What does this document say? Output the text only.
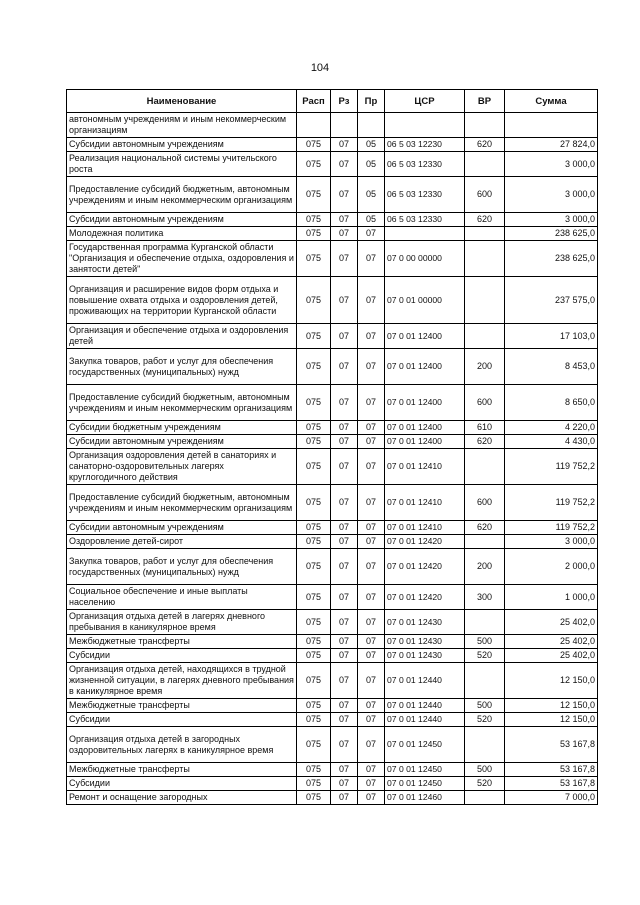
104
Наименование	Расп	Рз	Пр	ЦСР	ВР	Сумма
автономным учреждениям и иным некоммерческим организациям						
Субсидии автономным учреждениям	075	07	05	06 5 03 12230	620	27 824,0
Реализация национальной системы учительского роста	075	07	05	06 5 03 12330		3 000,0
Предоставление субсидий бюджетным, автономным учреждениям и иным некоммерческим организациям	075	07	05	06 5 03 12330	600	3 000,0
Субсидии автономным учреждениям	075	07	05	06 5 03 12330	620	3 000,0
Молодежная политика	075	07	07			238 625,0
Государственная программа Курганской области "Организация и обеспечение отдыха, оздоровления и занятости детей"	075	07	07	07 0 00 00000		238 625,0
Организация и расширение видов форм отдыха и повышение охвата отдыха и оздоровления детей, проживающих на территории Курганской области	075	07	07	07 0 01 00000		237 575,0
Организация и обеспечение отдыха и оздоровления детей	075	07	07	07 0 01 12400		17 103,0
Закупка товаров, работ и услуг для обеспечения государственных (муниципальных) нужд	075	07	07	07 0 01 12400	200	8 453,0
Предоставление субсидий бюджетным, автономным учреждениям и иным некоммерческим организациям	075	07	07	07 0 01 12400	600	8 650,0
Субсидии бюджетным учреждениям	075	07	07	07 0 01 12400	610	4 220,0
Субсидии автономным учреждениям	075	07	07	07 0 01 12400	620	4 430,0
Организация оздоровления детей в санаториях и санаторно-оздоровительных лагерях круглогодичного действия	075	07	07	07 0 01 12410		119 752,2
Предоставление субсидий бюджетным, автономным учреждениям и иным некоммерческим организациям	075	07	07	07 0 01 12410	600	119 752,2
Субсидии автономным учреждениям	075	07	07	07 0 01 12410	620	119 752,2
Оздоровление детей-сирот	075	07	07	07 0 01 12420		3 000,0
Закупка товаров, работ и услуг для обеспечения государственных (муниципальных) нужд	075	07	07	07 0 01 12420	200	2 000,0
Социальное обеспечение и иные выплаты населению	075	07	07	07 0 01 12420	300	1 000,0
Организация отдыха детей в лагерях дневного пребывания в каникулярное время	075	07	07	07 0 01 12430		25 402,0
Межбюджетные трансферты	075	07	07	07 0 01 12430	500	25 402,0
Субсидии	075	07	07	07 0 01 12430	520	25 402,0
Организация отдыха детей, находящихся в трудной жизненной ситуации, в лагерях дневного пребывания в каникулярное время	075	07	07	07 0 01 12440		12 150,0
Межбюджетные трансферты	075	07	07	07 0 01 12440	500	12 150,0
Субсидии	075	07	07	07 0 01 12440	520	12 150,0
Организация отдыха детей в загородных оздоровительных лагерях в каникулярное время	075	07	07	07 0 01 12450		53 167,8
Межбюджетные трансферты	075	07	07	07 0 01 12450	500	53 167,8
Субсидии	075	07	07	07 0 01 12450	520	53 167,8
Ремонт и оснащение загородных	075	07	07	07 0 01 12460		7 000,0
